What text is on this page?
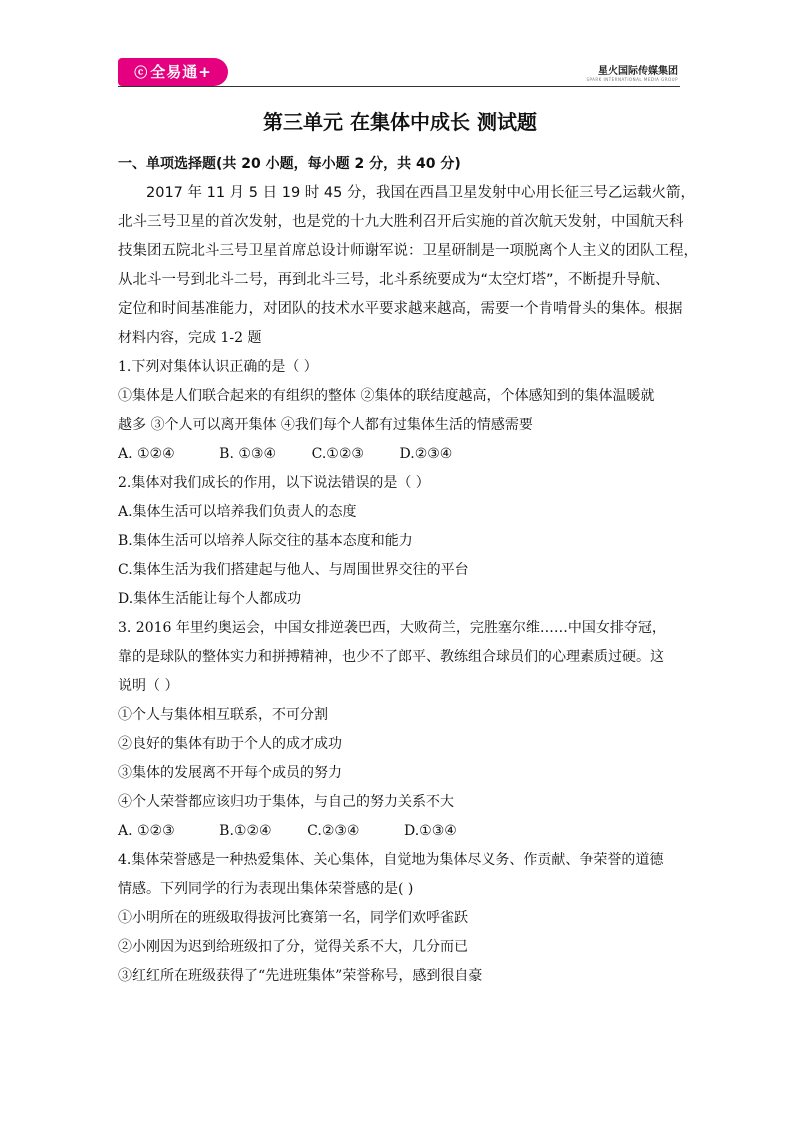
ⓒ 全易通+	星火国际传媒集团
SPARK INTERNATIONAL MEDIA GROUP
第三单元 在集体中成长 测试题
一、单项选择题(共 20 小题，每小题 2 分，共 40 分)
2017 年 11 月 5 日 19 时 45 分，我国在西昌卫星发射中心用长征三号乙运载火箭，
北斗三号卫星的首次发射，也是党的十九大胜利召开后实施的首次航天发射，中国航天科
技集团五院北斗三号卫星首席总设计师谢军说：卫星研制是一项脱离个人主义的团队工程，
从北斗一号到北斗二号，再到北斗三号，北斗系统要成为“太空灯塔”，不断提升导航、
定位和时间基准能力，对团队的技术水平要求越来越高，需要一个肯啃骨头的集体。根据
材料内容，完成 1-2 题
1.下列对集体认识正确的是（ ）
①集体是人们联合起来的有组织的整体 ②集体的联结度越高，个体感知到的集体温暖就
越多 ③个人可以离开集体 ④我们每个人都有过集体生活的情感需要
A. ①②④          B. ①③④        C.①②③        D.②③④
2.集体对我们成长的作用，以下说法错误的是（ ）
A.集体生活可以培养我们负责人的态度
B.集体生活可以培养人际交往的基本态度和能力
C.集体生活为我们搭建起与他人、与周围世界交往的平台
D.集体生活能让每个人都成功
3. 2016 年里约奥运会，中国女排逆袭巴西，大败荷兰，完胜塞尔维……中国女排夺冠，
靠的是球队的整体实力和拼搏精神，也少不了郎平、教练组合球员们的心理素质过硬。这
说明（ ）
①个人与集体相互联系，不可分割
②良好的集体有助于个人的成才成功
③集体的发展离不开每个成员的努力
④个人荣誉都应该归功于集体，与自己的努力关系不大
A. ①②③          B.①②④        C.②③④          D.①③④
4.集体荣誉感是一种热爱集体、关心集体，自觉地为集体尽义务、作贡献、争荣誉的道德
情感。下列同学的行为表现出集体荣誉感的是( )
①小明所在的班级取得拔河比赛第一名，同学们欢呼雀跃
②小刚因为迟到给班级扣了分，觉得关系不大，几分而已
③红红所在班级获得了“先进班集体”荣誉称号，感到很自豪
